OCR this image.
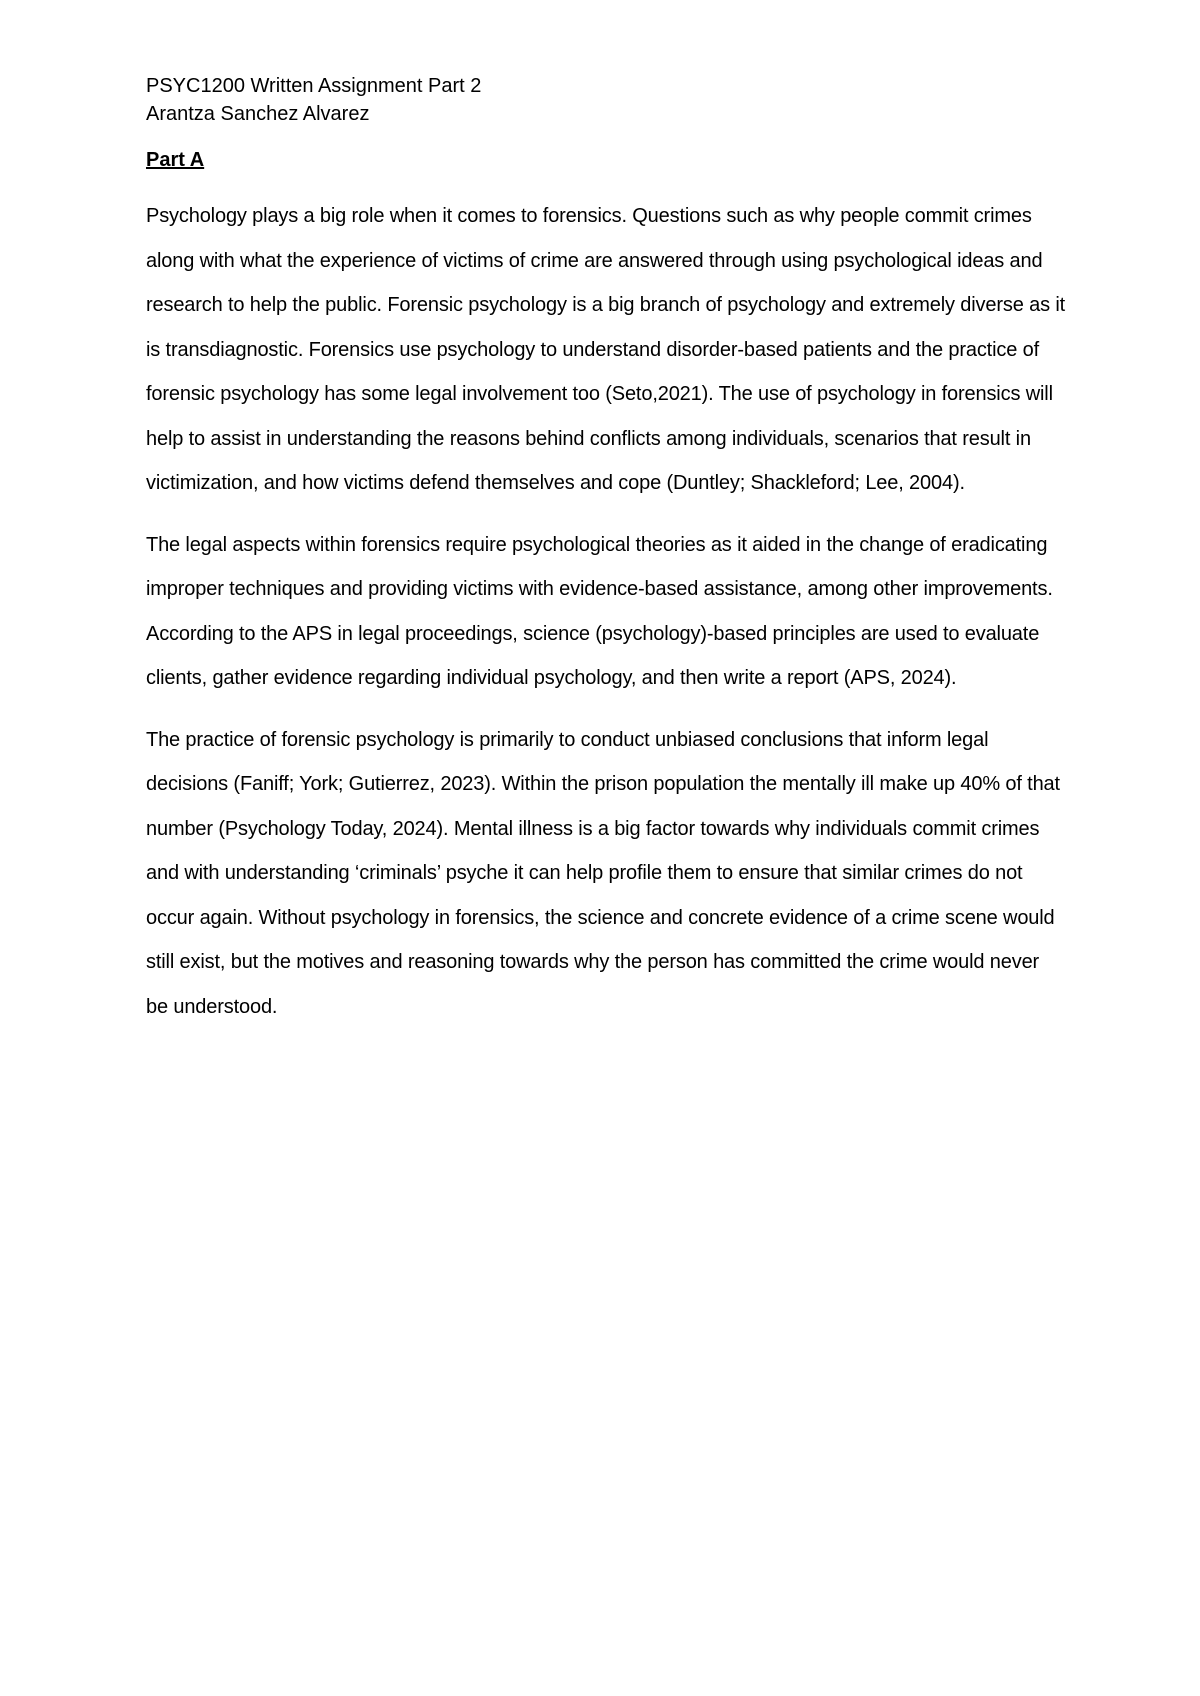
PSYC1200 Written Assignment Part 2

Arantza Sanchez Alvarez

Part A

Psychology plays a big role when it comes to forensics. Questions such as why people commit crimes along with what the experience of victims of crime are answered through using psychological ideas and research to help the public. Forensic psychology is a big branch of psychology and extremely diverse as it is transdiagnostic. Forensics use psychology to understand disorder-based patients and the practice of forensic psychology has some legal involvement too (Seto,2021). The use of psychology in forensics will help to assist in understanding the reasons behind conflicts among individuals, scenarios that result in victimization, and how victims defend themselves and cope (Duntley; Shackleford; Lee, 2004).

The legal aspects within forensics require psychological theories as it aided in the change of eradicating improper techniques and providing victims with evidence-based assistance, among other improvements. According to the APS in legal proceedings, science (psychology)-based principles are used to evaluate clients, gather evidence regarding individual psychology, and then write a report (APS, 2024).

The practice of forensic psychology is primarily to conduct unbiased conclusions that inform legal decisions (Faniff; York; Gutierrez, 2023). Within the prison population the mentally ill make up 40% of that number (Psychology Today, 2024). Mental illness is a big factor towards why individuals commit crimes and with understanding ‘criminals’ psyche it can help profile them to ensure that similar crimes do not occur again. Without psychology in forensics, the science and concrete evidence of a crime scene would still exist, but the motives and reasoning towards why the person has committed the crime would never be understood.
